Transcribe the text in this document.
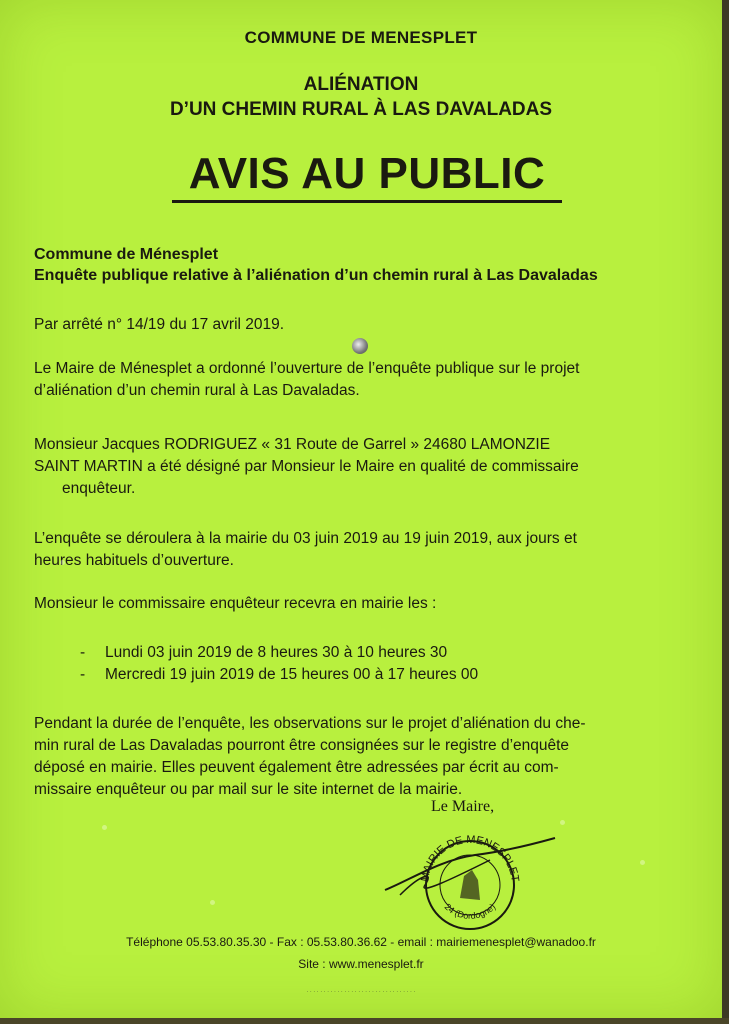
COMMUNE DE MENESPLET
ALIÉNATION
D’UN CHEMIN RURAL À LAS DAVALADAS
AVIS AU PUBLIC
Commune de Ménesplet
Enquête publique relative à l’aliénation d’un chemin rural à Las Davaladas
Par arrêté n° 14/19 du 17 avril 2019.
Le Maire de Ménesplet a ordonné l’ouverture de l’enquête publique sur le projet
d’aliénation d’un chemin rural à Las Davaladas.
Monsieur Jacques RODRIGUEZ « 31 Route de Garrel » 24680 LAMONZIE
SAINT MARTIN a été désigné par Monsieur le Maire en qualité de commissaire
enquêteur.
L’enquête se déroulera à la mairie du 03 juin 2019 au 19 juin 2019, aux jours et
heures habituels d’ouverture.
Monsieur le commissaire enquêteur recevra en mairie les :
- Lundi 03 juin 2019 de 8 heures 30 à 10 heures 30
- Mercredi 19 juin 2019 de 15 heures 00 à 17 heures 00
Pendant la durée de l’enquête, les observations sur le projet d’aliénation du che-
min rural de Las Davaladas pourront être consignées sur le registre d’enquête
déposé en mairie. Elles peuvent également être adressées par écrit au com-
missaire enquêteur ou par mail sur le site internet de la mairie.
Le Maire,
MAIRIE DE MENESPLET
24 (Dordogne)
Téléphone 05.53.80.35.30 - Fax : 05.53.80.36.62 - email : mairiemenesplet@wanadoo.fr
Site : www.menesplet.fr
· · · · · · · · · · · · · · · · · · · · · · · · · · · · · · · ·
